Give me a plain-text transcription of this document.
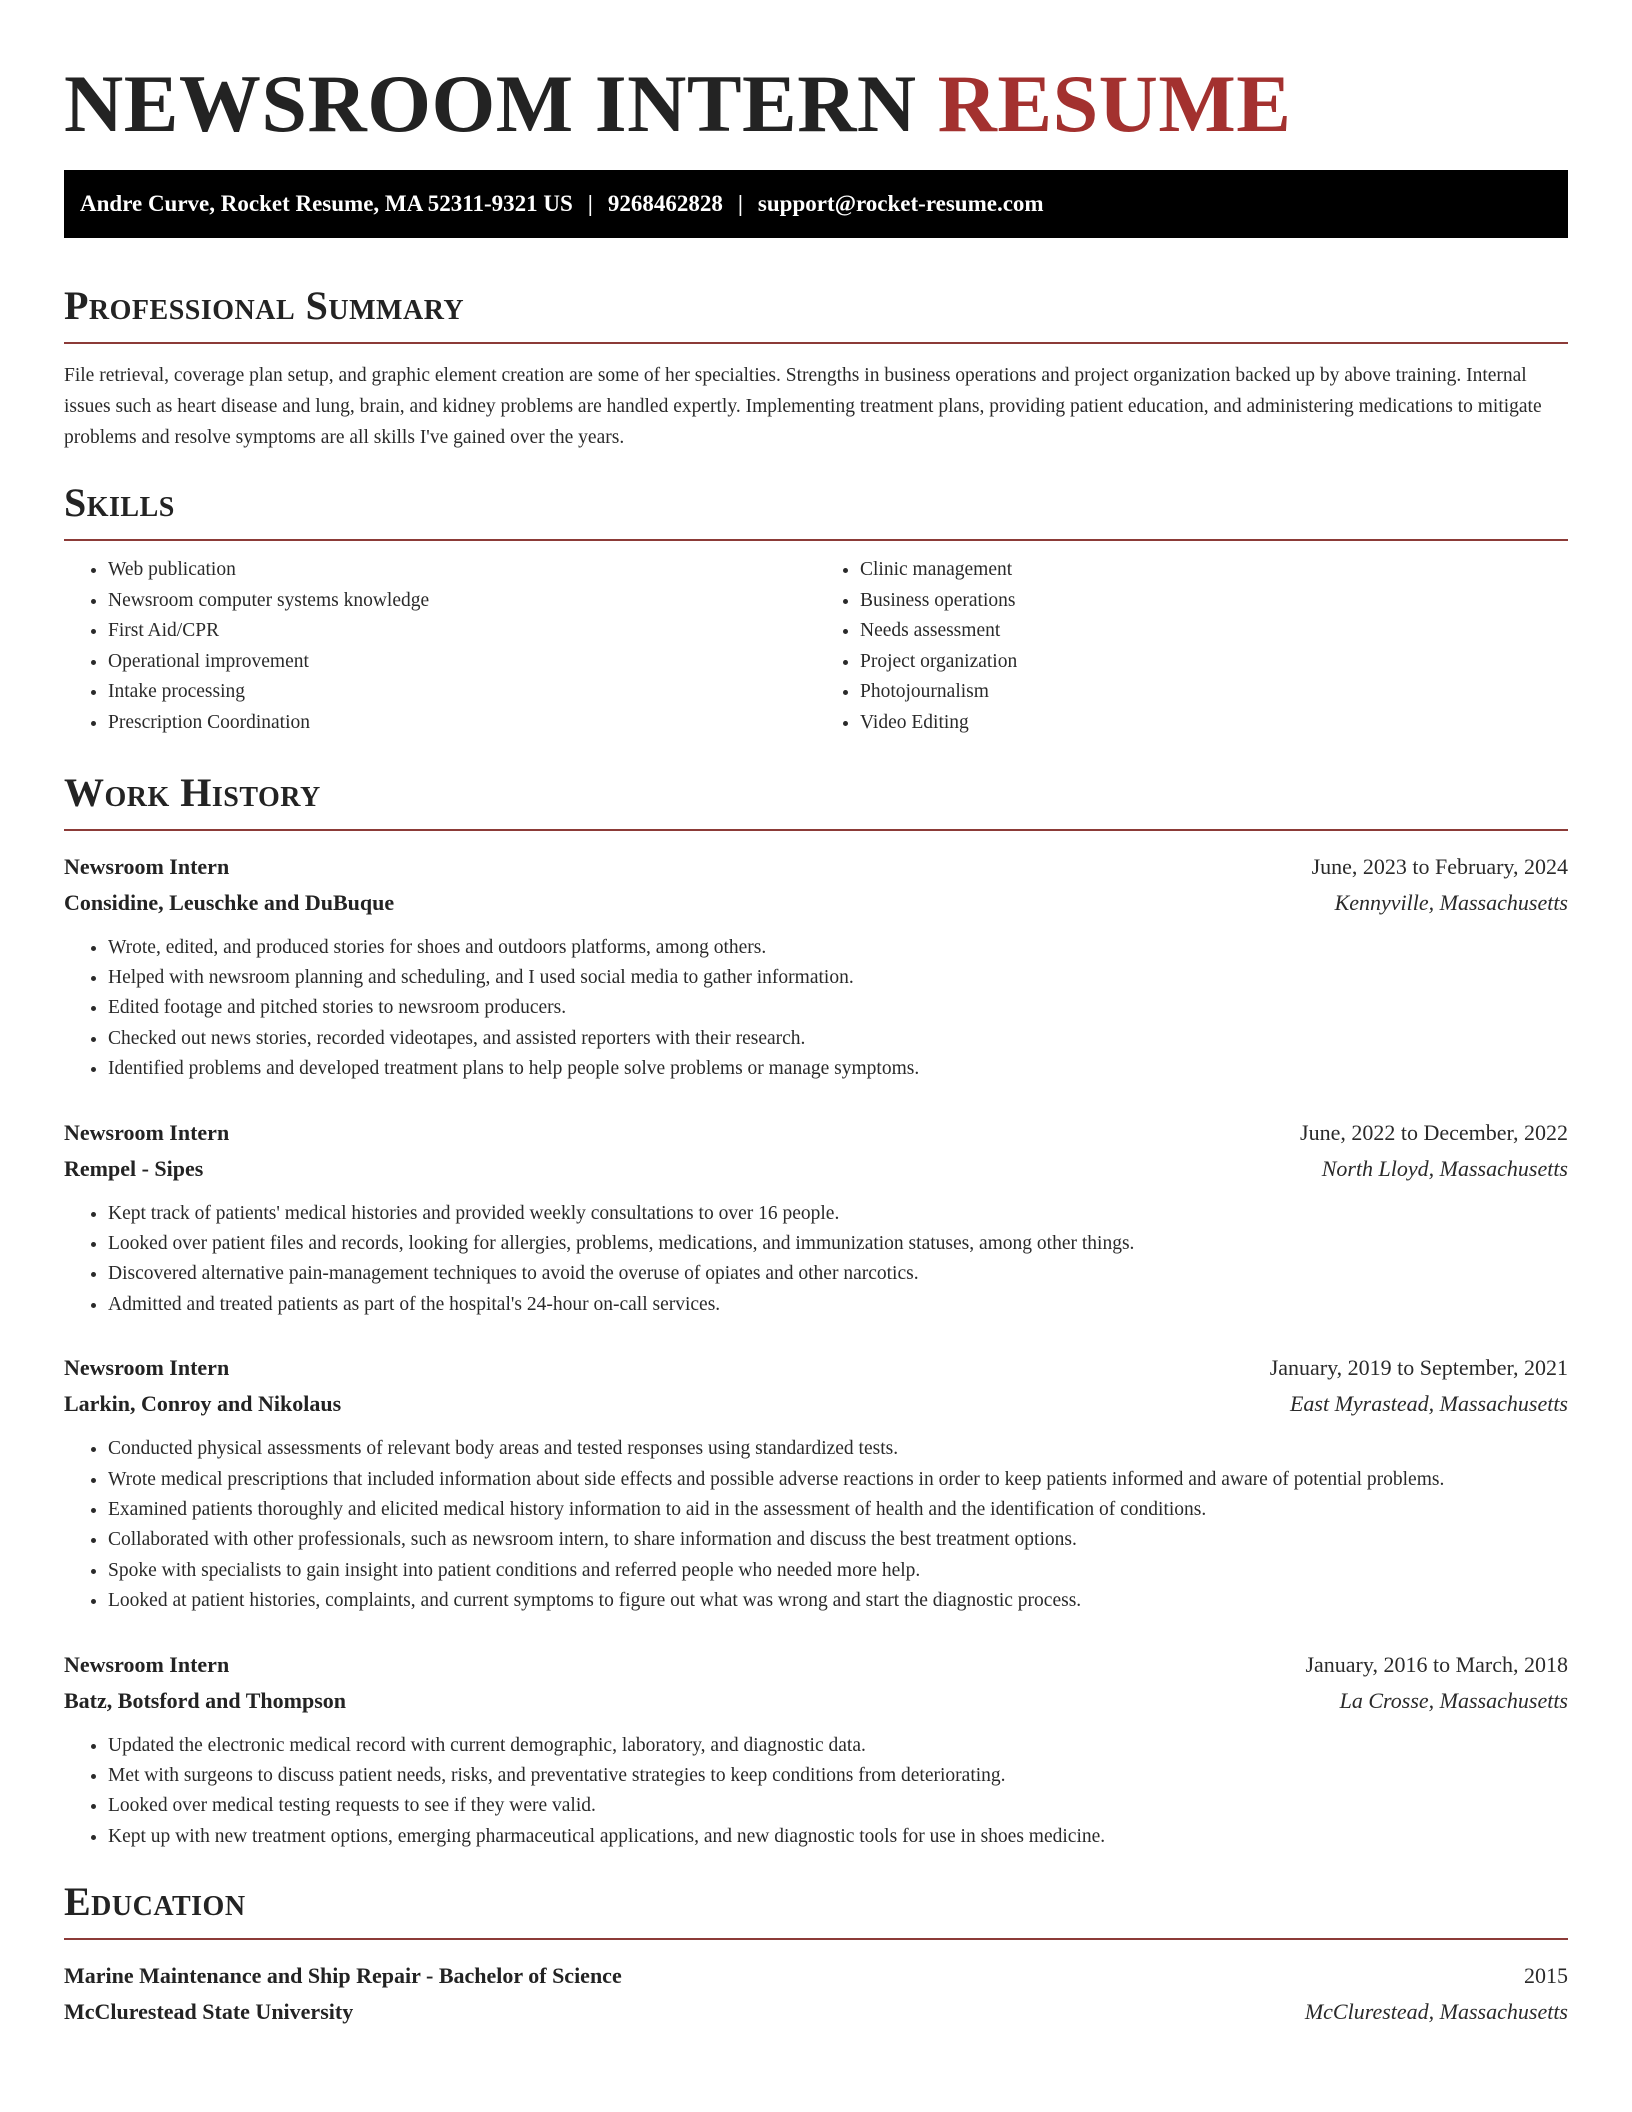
NEWSROOM INTERN RESUME
Andre Curve, Rocket Resume, MA 52311-9321 US | 9268462828 | support@rocket-resume.com
Professional Summary

File retrieval, coverage plan setup, and graphic element creation are some of her specialties. Strengths in business operations and project organization backed up by above training. Internal issues such as heart disease and lung, brain, and kidney problems are handled expertly. Implementing treatment plans, providing patient education, and administering medications to mitigate problems and resolve symptoms are all skills I've gained over the years.

Skills
• Web publication
• Newsroom computer systems knowledge
• First Aid/CPR
• Operational improvement
• Intake processing
• Prescription Coordination
• Clinic management
• Business operations
• Needs assessment
• Project organization
• Photojournalism
• Video Editing
Work History
Newsroom Intern	June, 2023 to February, 2024
Considine, Leuschke and DuBuque	Kennyville, Massachusetts
• Wrote, edited, and produced stories for shoes and outdoors platforms, among others.
• Helped with newsroom planning and scheduling, and I used social media to gather information.
• Edited footage and pitched stories to newsroom producers.
• Checked out news stories, recorded videotapes, and assisted reporters with their research.
• Identified problems and developed treatment plans to help people solve problems or manage symptoms.
Newsroom Intern	June, 2022 to December, 2022
Rempel - Sipes	North Lloyd, Massachusetts
• Kept track of patients' medical histories and provided weekly consultations to over 16 people.
• Looked over patient files and records, looking for allergies, problems, medications, and immunization statuses, among other things.
• Discovered alternative pain-management techniques to avoid the overuse of opiates and other narcotics.
• Admitted and treated patients as part of the hospital's 24-hour on-call services.
Newsroom Intern	January, 2019 to September, 2021
Larkin, Conroy and Nikolaus	East Myrastead, Massachusetts
• Conducted physical assessments of relevant body areas and tested responses using standardized tests.
• Wrote medical prescriptions that included information about side effects and possible adverse reactions in order to keep patients informed and aware of potential problems.
• Examined patients thoroughly and elicited medical history information to aid in the assessment of health and the identification of conditions.
• Collaborated with other professionals, such as newsroom intern, to share information and discuss the best treatment options.
• Spoke with specialists to gain insight into patient conditions and referred people who needed more help.
• Looked at patient histories, complaints, and current symptoms to figure out what was wrong and start the diagnostic process.
Newsroom Intern	January, 2016 to March, 2018
Batz, Botsford and Thompson	La Crosse, Massachusetts
• Updated the electronic medical record with current demographic, laboratory, and diagnostic data.
• Met with surgeons to discuss patient needs, risks, and preventative strategies to keep conditions from deteriorating.
• Looked over medical testing requests to see if they were valid.
• Kept up with new treatment options, emerging pharmaceutical applications, and new diagnostic tools for use in shoes medicine.
Education
Marine Maintenance and Ship Repair - Bachelor of Science	2015
McClurestead State University	McClurestead, Massachusetts
